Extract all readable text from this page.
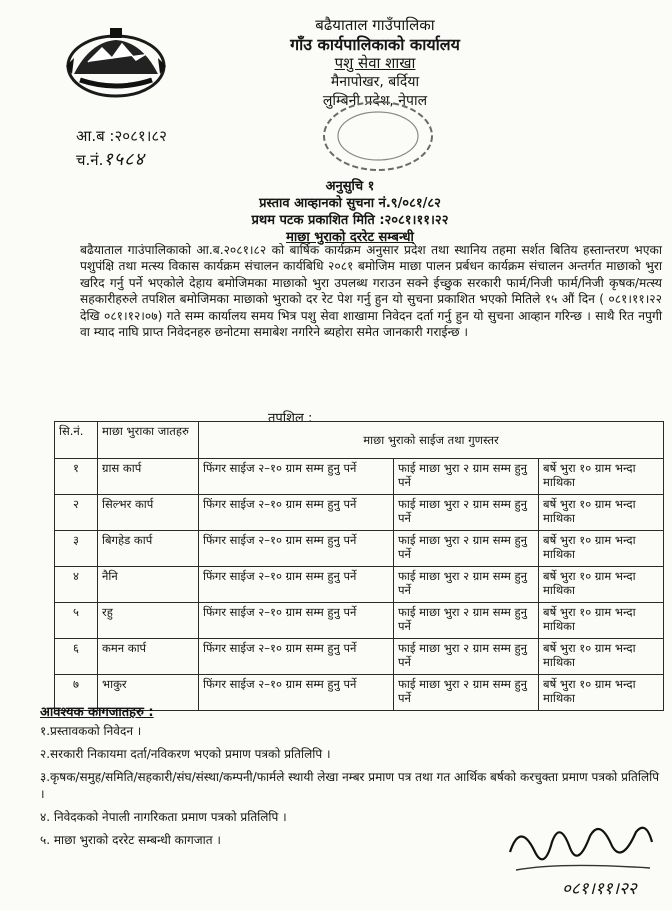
बढैयाताल गाउँपालिका
गाँउ कार्यपालिकाको कार्यालय
पशु सेवा शाखा
मैनापोखर, बर्दिया
लुम्बिनी प्रदेश, नेपाल
आ.ब :२०८१।८२
च.नं.१५८४
अनुसुचि १
प्रस्ताव आव्हानको सुचना नं.९/०८१/८२
प्रथम पटक प्रकाशित मिति :२०८१।११।२२
माछा भुराको दररेट सम्बन्धी

बढैयाताल गाउंपालिकाको आ.ब.२०८१।८२ को बार्षिक कार्यक्रम अनुसार प्रदेश तथा स्थानिय तहमा सर्शत बितिय हस्तान्तरण भएका पशुपंक्षि तथा मत्स्य विकास कार्यक्रम संचालन कार्यबिधि २०८१ बमोजिम माछा पालन प्रर्बधन कार्यक्रम संचालन अन्तर्गत माछाको भुरा खरिद गर्नु पर्ने भएकोले देहाय बमोजिमका माछाको भुरा उपलब्ध गराउन सक्ने ईच्छुक सरकारी फार्म/निजी फार्म/निजी कृषक/मत्स्य सहकारीहरुले तपशिल बमोजिमका माछाको भुराको दर रेट पेश गर्नु हुन यो सुचना प्रकाशित भएको मितिले १५ औं दिन ( ०८१।११।२२ देखि ०८१।१२।०७) गते सम्म कार्यालय समय भित्र पशु सेवा शाखामा निवेदन दर्ता गर्नु हुन यो सुचना आव्हान गरिन्छ । साथै रित नपुगी वा म्याद नाघि प्राप्त निवेदनहरु छनोटमा समाबेश नगरिने ब्यहोरा समेत जानकारी गराईन्छ ।

तपशिल :
सि.नं.	माछा भुराका जातहरु	माछा भुराको साईज तथा गुणस्तर		
१	ग्रास कार्प	फिंगर साईज २–१० ग्राम सम्म हुनु पर्ने	फाई माछा भुरा २ ग्राम सम्म हुनु पर्ने	बर्षे भुरा १० ग्राम भन्दा माथिका
२	सिल्भर कार्प	फिंगर साईज २–१० ग्राम सम्म हुनु पर्ने	फाई माछा भुरा २ ग्राम सम्म हुनु पर्ने	बर्षे भुरा १० ग्राम भन्दा माथिका
३	बिगहेड कार्प	फिंगर साईज २–१० ग्राम सम्म हुनु पर्ने	फाई माछा भुरा २ ग्राम सम्म हुनु पर्ने	बर्षे भुरा १० ग्राम भन्दा माथिका
४	नैनि	फिंगर साईज २–१० ग्राम सम्म हुनु पर्ने	फाई माछा भुरा २ ग्राम सम्म हुनु पर्ने	बर्षे भुरा १० ग्राम भन्दा माथिका
५	रहु	फिंगर साईज २–१० ग्राम सम्म हुनु पर्ने	फाई माछा भुरा २ ग्राम सम्म हुनु पर्ने	बर्षे भुरा १० ग्राम भन्दा माथिका
६	कमन कार्प	फिंगर साईज २–१० ग्राम सम्म हुनु पर्ने	फाई माछा भुरा २ ग्राम सम्म हुनु पर्ने	बर्षे भुरा १० ग्राम भन्दा माथिका
७	भाकुर	फिंगर साईज २–१० ग्राम सम्म हुनु पर्ने	फाई माछा भुरा २ ग्राम सम्म हुनु पर्ने	बर्षे भुरा १० ग्राम भन्दा माथिका
आवश्यक कागजातहरु :
१.प्रस्तावकको निवेदन ।
२.सरकारी निकायमा दर्ता/नविकरण भएको प्रमाण पत्रको प्रतिलिपि ।
३.कृषक/समुह/समिति/सहकारी/संघ/संस्था/कम्पनी/फार्मले स्थायी लेखा नम्बर प्रमाण पत्र तथा गत आर्थिक बर्षको करचुक्ता प्रमाण पत्रको प्रतिलिपि ।
४. निवेदकको नेपाली नागरिकता प्रमाण पत्रको प्रतिलिपि ।
५. माछा भुराको दररेट सम्बन्धी कागजात ।
०८१।११।२२
